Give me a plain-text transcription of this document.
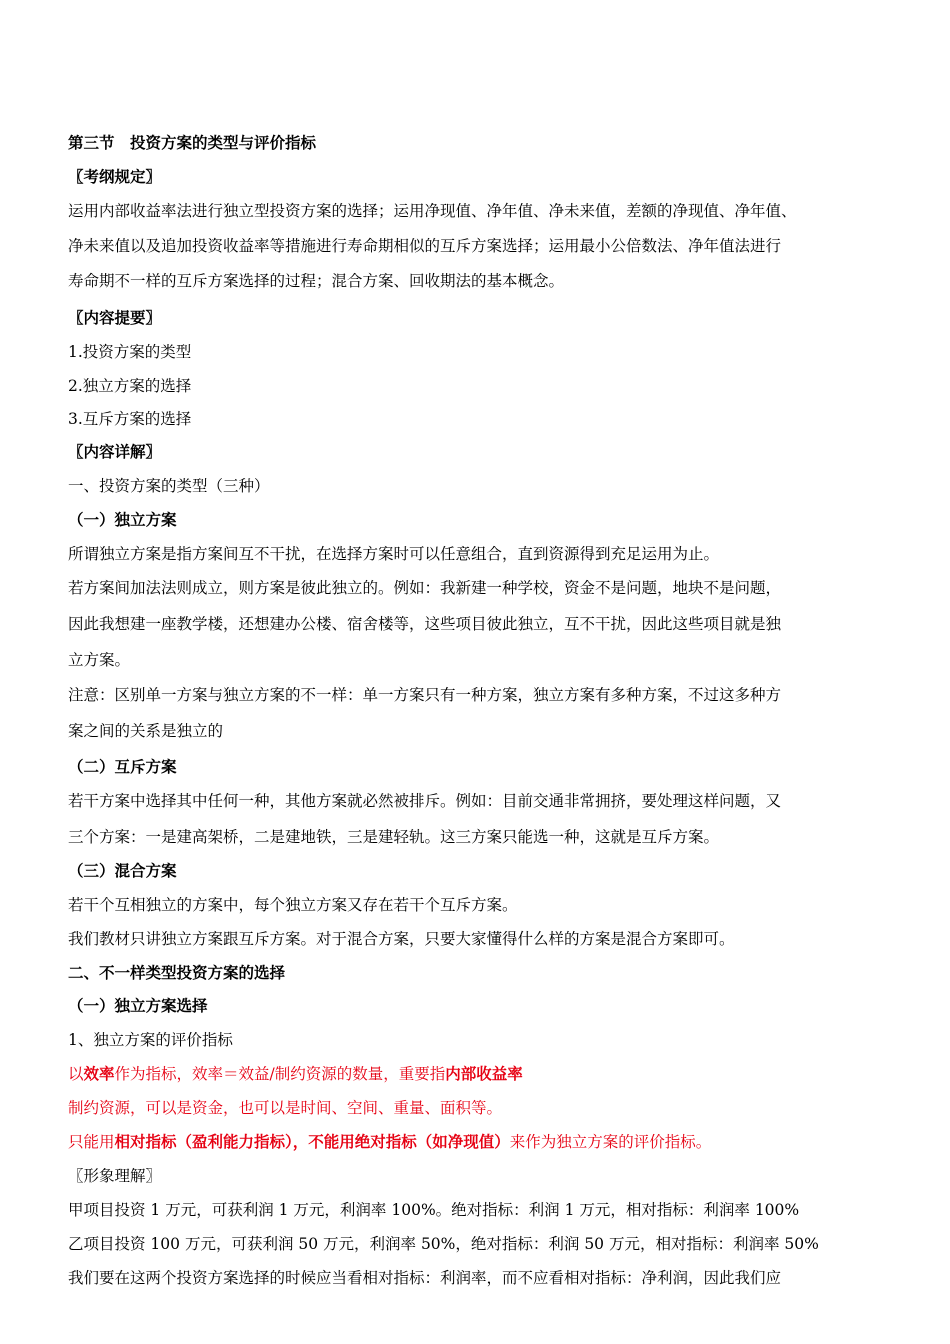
第三节　投资方案的类型与评价指标
〖考纲规定〗
运用内部收益率法进行独立型投资方案的选择；运用净现值、净年值、净未来值，差额的净现值、净年值、
净未来值以及追加投资收益率等措施进行寿命期相似的互斥方案选择；运用最小公倍数法、净年值法进行
寿命期不一样的互斥方案选择的过程；混合方案、回收期法的基本概念。
〖内容提要〗
1.投资方案的类型
2.独立方案的选择
3.互斥方案的选择
〖内容详解〗
一、投资方案的类型（三种）
（一）独立方案
所谓独立方案是指方案间互不干扰，在选择方案时可以任意组合，直到资源得到充足运用为止。
若方案间加法法则成立，则方案是彼此独立的。例如：我新建一种学校，资金不是问题，地块不是问题，
因此我想建一座教学楼，还想建办公楼、宿舍楼等，这些项目彼此独立，互不干扰，因此这些项目就是独
立方案。
注意：区别单一方案与独立方案的不一样：单一方案只有一种方案，独立方案有多种方案，不过这多种方
案之间的关系是独立的
（二）互斥方案
若干方案中选择其中任何一种，其他方案就必然被排斥。例如：目前交通非常拥挤，要处理这样问题，又
三个方案：一是建高架桥，二是建地铁，三是建轻轨。这三方案只能选一种，这就是互斥方案。
（三）混合方案
若干个互相独立的方案中，每个独立方案又存在若干个互斥方案。
我们教材只讲独立方案跟互斥方案。对于混合方案，只要大家懂得什么样的方案是混合方案即可。
二、不一样类型投资方案的选择
（一）独立方案选择
1、独立方案的评价指标
以效率作为指标，效率＝效益/制约资源的数量，重要指内部收益率
制约资源，可以是资金，也可以是时间、空间、重量、面积等。
只能用相对指标（盈利能力指标），不能用绝对指标（如净现值）来作为独立方案的评价指标。
〖形象理解〗
甲项目投资 1 万元，可获利润 1 万元，利润率 100%。绝对指标：利润 1 万元，相对指标：利润率 100%
乙项目投资 100 万元，可获利润 50 万元，利润率 50%，绝对指标：利润 50 万元，相对指标：利润率 50%
我们要在这两个投资方案选择的时候应当看相对指标：利润率，而不应看相对指标：净利润，因此我们应
